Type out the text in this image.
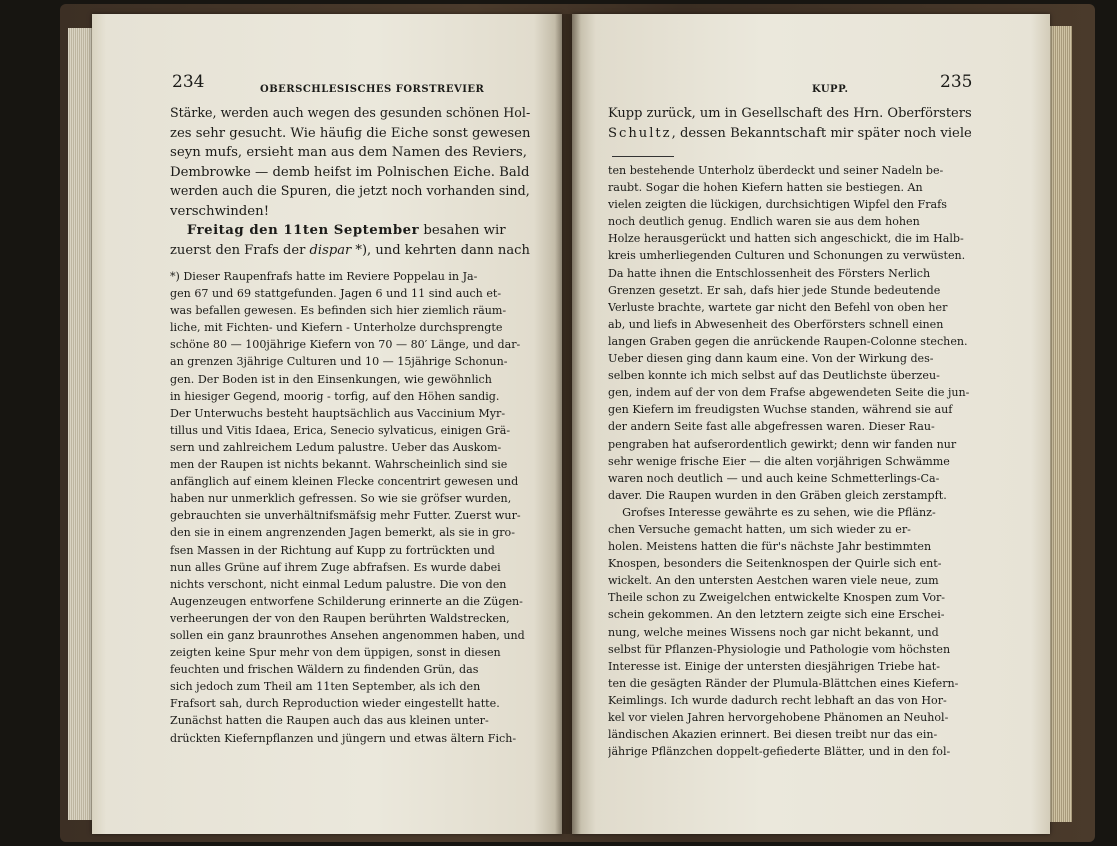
234	OBERSCHLESISCHES FORSTREVIER
Stärke, werden auch wegen des gesunden schönen Hol-
zes sehr gesucht. Wie häufig die Eiche sonst gewesen
seyn mufs, ersieht man aus dem Namen des Reviers,
Dembrowke — demb heifst im Polnischen Eiche. Bald
werden auch die Spuren, die jetzt noch vorhanden sind,
verschwinden!
Freitag den 11ten September besahen wir
zuerst den Frafs der dispar *), und kehrten dann nach
*) Dieser Raupenfrafs hatte im Reviere Poppelau in Ja-
gen 67 und 69 stattgefunden. Jagen 6 und 11 sind auch et-
was befallen gewesen. Es befinden sich hier ziemlich räum-
liche, mit Fichten- und Kiefern - Unterholze durchsprengte
schöne 80 — 100jährige Kiefern von 70 — 80′ Länge, und dar-
an grenzen 3jährige Culturen und 10 — 15jährige Schonun-
gen. Der Boden ist in den Einsenkungen, wie gewöhnlich
in hiesiger Gegend, moorig - torfig, auf den Höhen sandig.
Der Unterwuchs besteht hauptsächlich aus Vaccinium Myr-
tillus und Vitis Idaea, Erica, Senecio sylvaticus, einigen Grä-
sern und zahlreichem Ledum palustre. Ueber das Auskom-
men der Raupen ist nichts bekannt. Wahrscheinlich sind sie
anfänglich auf einem kleinen Flecke concentrirt gewesen und
haben nur unmerklich gefressen. So wie sie gröfser wurden,
gebrauchten sie unverhältnifsmäfsig mehr Futter. Zuerst wur-
den sie in einem angrenzenden Jagen bemerkt, als sie in gro-
fsen Massen in der Richtung auf Kupp zu fortrückten und
nun alles Grüne auf ihrem Zuge abfrafsen. Es wurde dabei
nichts verschont, nicht einmal Ledum palustre. Die von den
Augenzeugen entworfene Schilderung erinnerte an die Zügen-
verheerungen der von den Raupen berührten Waldstrecken,
sollen ein ganz braunrothes Ansehen angenommen haben, und
zeigten keine Spur mehr von dem üppigen, sonst in diesen
feuchten und frischen Wäldern zu findenden Grün, das
sich jedoch zum Theil am 11ten September, als ich den
Frafsort sah, durch Reproduction wieder eingestellt hatte.
Zunächst hatten die Raupen auch das aus kleinen unter-
drückten Kiefernpflanzen und jüngern und etwas ältern Fich-
KUPP.	235
Kupp zurück, um in Gesellschaft des Hrn. Oberförsters
Schultz, dessen Bekanntschaft mir später noch viele
ten bestehende Unterholz überdeckt und seiner Nadeln be-
raubt. Sogar die hohen Kiefern hatten sie bestiegen. An
vielen zeigten die lückigen, durchsichtigen Wipfel den Frafs
noch deutlich genug. Endlich waren sie aus dem hohen
Holze herausgerückt und hatten sich angeschickt, die im Halb-
kreis umherliegenden Culturen und Schonungen zu verwüsten.
Da hatte ihnen die Entschlossenheit des Försters Nerlich
Grenzen gesetzt. Er sah, dafs hier jede Stunde bedeutende
Verluste brachte, wartete gar nicht den Befehl von oben her
ab, und liefs in Abwesenheit des Oberförsters schnell einen
langen Graben gegen die anrückende Raupen-Colonne stechen.
Ueber diesen ging dann kaum eine. Von der Wirkung des-
selben konnte ich mich selbst auf das Deutlichste überzeu-
gen, indem auf der von dem Frafse abgewendeten Seite die jun-
gen Kiefern im freudigsten Wuchse standen, während sie auf
der andern Seite fast alle abgefressen waren. Dieser Rau-
pengraben hat aufserordentlich gewirkt; denn wir fanden nur
sehr wenige frische Eier — die alten vorjährigen Schwämme
waren noch deutlich — und auch keine Schmetterlings-Ca-
daver. Die Raupen wurden in den Gräben gleich zerstampft.
Grofses Interesse gewährte es zu sehen, wie die Pflänz-
chen Versuche gemacht hatten, um sich wieder zu er-
holen. Meistens hatten die für's nächste Jahr bestimmten
Knospen, besonders die Seitenknospen der Quirle sich ent-
wickelt. An den untersten Aestchen waren viele neue, zum
Theile schon zu Zweigelchen entwickelte Knospen zum Vor-
schein gekommen. An den letztern zeigte sich eine Erschei-
nung, welche meines Wissens noch gar nicht bekannt, und
selbst für Pflanzen-Physiologie und Pathologie vom höchsten
Interesse ist. Einige der untersten diesjährigen Triebe hat-
ten die gesägten Ränder der Plumula-Blättchen eines Kiefern-
Keimlings. Ich wurde dadurch recht lebhaft an das von Hor-
kel vor vielen Jahren hervorgehobene Phänomen an Neuhol-
ländischen Akazien erinnert. Bei diesen treibt nur das ein-
jährige Pflänzchen doppelt-gefiederte Blätter, und in den fol-
